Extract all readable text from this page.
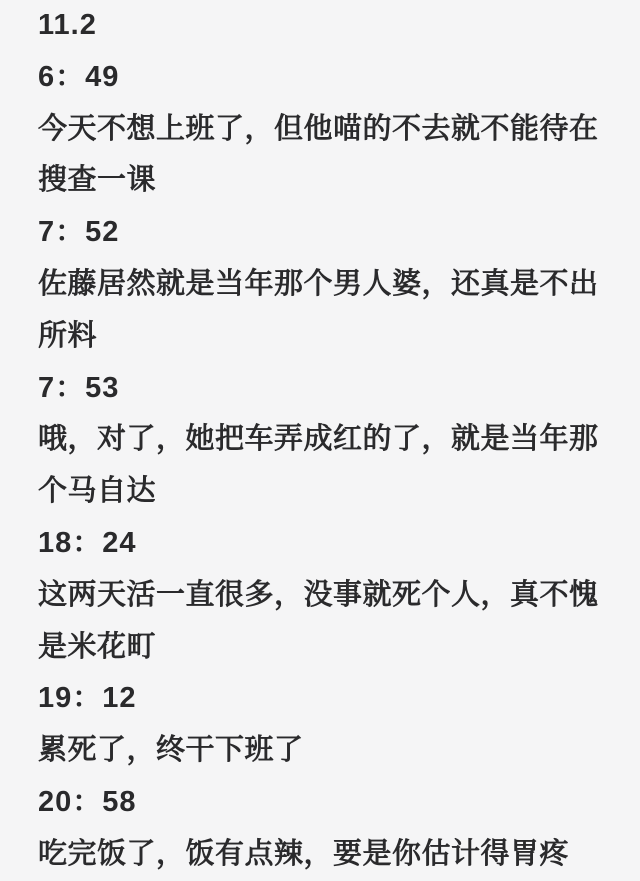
11.2
6：49
今天不想上班了，但他喵的不去就不能待在搜查一课
7：52
佐藤居然就是当年那个男人婆，还真是不出所料
7：53
哦，对了，她把车弄成红的了，就是当年那个马自达
18：24
这两天活一直很多，没事就死个人，真不愧是米花町
19：12
累死了，终干下班了
20：58
吃完饭了，饭有点辣，要是你估计得胃疼
